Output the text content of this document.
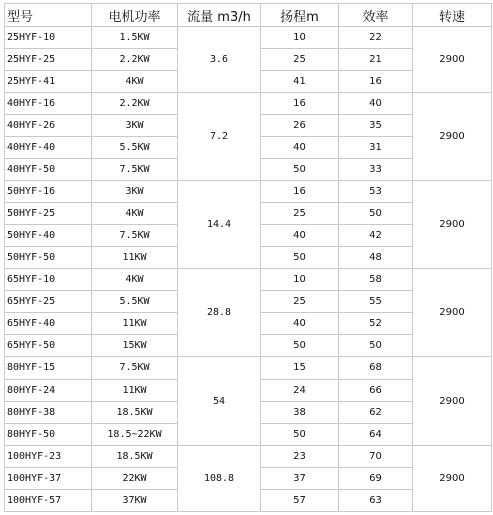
型号	电机功率	流量 m3/h	扬程m	效率	转速
25HYF-10	1.5KW	3.6	10	22	2900
25HYF-25	2.2KW		25	21	
25HYF-41	4KW		41	16	
40HYF-16	2.2KW	7.2	16	40	2900
40HYF-26	3KW		26	35	
40HYF-40	5.5KW		40	31	
40HYF-50	7.5KW		50	33	
50HYF-16	3KW	14.4	16	53	2900
50HYF-25	4KW		25	50	
50HYF-40	7.5KW		40	42	
50HYF-50	11KW		50	48	
65HYF-10	4KW	28.8	10	58	2900
65HYF-25	5.5KW		25	55	
65HYF-40	11KW		40	52	
65HYF-50	15KW		50	50	
80HYF-15	7.5KW	54	15	68	2900
80HYF-24	11KW		24	66	
80HYF-38	18.5KW		38	62	
80HYF-50	18.5~22KW		50	64	
100HYF-23	18.5KW	108.8	23	70	2900
100HYF-37	22KW		37	69	
100HYF-57	37KW		57	63	
